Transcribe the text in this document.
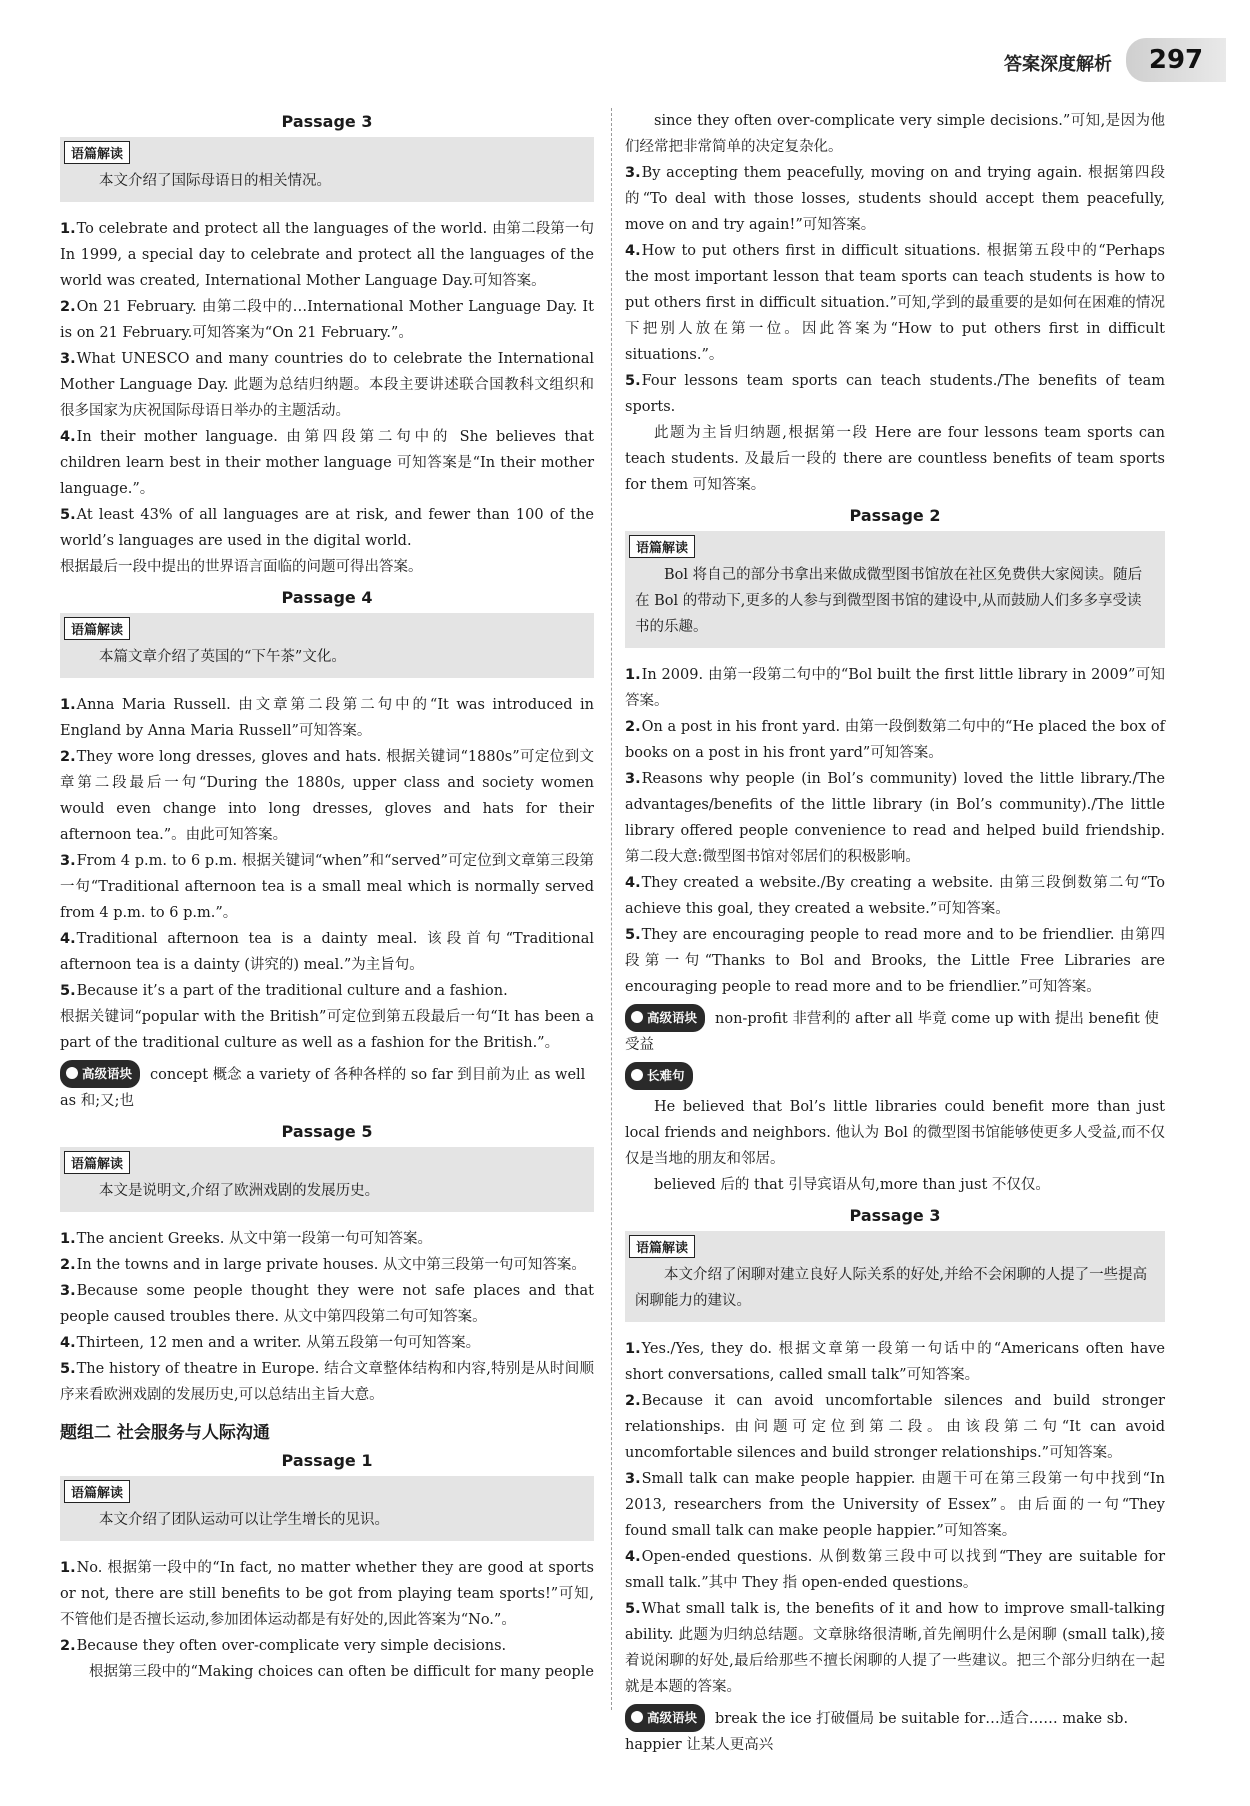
答案深度解析	297
Passage 3
语篇解读
本文介绍了国际母语日的相关情况。

1.To celebrate and protect all the languages of the world. 由第二段第一句 In 1999, a special day to celebrate and protect all the languages of the world was created, International Mother Language Day.可知答案。

2.On 21 February. 由第二段中的…International Mother Language Day. It is on 21 February.可知答案为“On 21 February.”。

3.What UNESCO and many countries do to celebrate the International Mother Language Day. 此题为总结归纳题。本段主要讲述联合国教科文组织和很多国家为庆祝国际母语日举办的主题活动。

4.In their mother language. 由第四段第二句中的 She believes that children learn best in their mother language 可知答案是“In their mother language.”。

5.At least 43% of all languages are at risk, and fewer than 100 of the world’s languages are used in the digital world.

根据最后一段中提出的世界语言面临的问题可得出答案。
Passage 4
语篇解读
本篇文章介绍了英国的“下午茶”文化。

1.Anna Maria Russell. 由文章第二段第二句中的“It was introduced in England by Anna Maria Russell”可知答案。

2.They wore long dresses, gloves and hats. 根据关键词“1880s”可定位到文章第二段最后一句“During the 1880s, upper class and society women would even change into long dresses, gloves and hats for their afternoon tea.”。由此可知答案。

3.From 4 p.m. to 6 p.m. 根据关键词“when”和“served”可定位到文章第三段第一句“Traditional afternoon tea is a small meal which is normally served from 4 p.m. to 6 p.m.”。

4.Traditional afternoon tea is a dainty meal. 该段首句“Traditional afternoon tea is a dainty (讲究的) meal.”为主旨句。

5.Because it’s a part of the traditional culture and a fashion.

根据关键词“popular with the British”可定位到第五段最后一句“It has been a part of the traditional culture as well as a fashion for the British.”。
高级语块 concept 概念 a variety of 各种各样的 so far 到目前为止 as well as 和;又;也
Passage 5
语篇解读
本文是说明文,介绍了欧洲戏剧的发展历史。

1.The ancient Greeks. 从文中第一段第一句可知答案。

2.In the towns and in large private houses. 从文中第三段第一句可知答案。

3.Because some people thought they were not safe places and that people caused troubles there. 从文中第四段第二句可知答案。

4.Thirteen, 12 men and a writer. 从第五段第一句可知答案。

5.The history of theatre in Europe. 结合文章整体结构和内容,特别是从时间顺序来看欧洲戏剧的发展历史,可以总结出主旨大意。

题组二 社会服务与人际沟通
Passage 1
语篇解读
本文介绍了团队运动可以让学生增长的见识。

1.No. 根据第一段中的“In fact, no matter whether they are good at sports or not, there are still benefits to be got from playing team sports!”可知,不管他们是否擅长运动,参加团体运动都是有好处的,因此答案为“No.”。

2.Because they often over-complicate very simple decisions.

根据第三段中的“Making choices can often be difficult for many people
since they often over-complicate very simple decisions.”可知,是因为他们经常把非常简单的决定复杂化。

3.By accepting them peacefully, moving on and trying again. 根据第四段的“To deal with those losses, students should accept them peacefully, move on and try again!”可知答案。

4.How to put others first in difficult situations. 根据第五段中的“Perhaps the most important lesson that team sports can teach students is how to put others first in difficult situation.”可知,学到的最重要的是如何在困难的情况下把别人放在第一位。因此答案为“How to put others first in difficult situations.”。

5.Four lessons team sports can teach students./The benefits of team sports.

此题为主旨归纳题,根据第一段 Here are four lessons team sports can teach students. 及最后一段的 there are countless benefits of team sports for them 可知答案。
Passage 2
语篇解读
Bol 将自己的部分书拿出来做成微型图书馆放在社区免费供大家阅读。随后在 Bol 的带动下,更多的人参与到微型图书馆的建设中,从而鼓励人们多多享受读书的乐趣。

1.In 2009. 由第一段第二句中的“Bol built the first little library in 2009”可知答案。

2.On a post in his front yard. 由第一段倒数第二句中的“He placed the box of books on a post in his front yard”可知答案。

3.Reasons why people (in Bol’s community) loved the little library./The advantages/benefits of the little library (in Bol’s community)./The little library offered people convenience to read and helped build friendship. 第二段大意:微型图书馆对邻居们的积极影响。

4.They created a website./By creating a website. 由第三段倒数第二句“To achieve this goal, they created a website.”可知答案。

5.They are encouraging people to read more and to be friendlier. 由第四段第一句“Thanks to Bol and Brooks, the Little Free Libraries are encouraging people to read more and to be friendlier.”可知答案。

高级语块 non-profit 非营利的 after all 毕竟 come up with 提出 benefit 使受益
长难句
He believed that Bol’s little libraries could benefit more than just local friends and neighbors. 他认为 Bol 的微型图书馆能够使更多人受益,而不仅仅是当地的朋友和邻居。
believed 后的 that 引导宾语从句,more than just 不仅仅。
Passage 3
语篇解读
本文介绍了闲聊对建立良好人际关系的好处,并给不会闲聊的人提了一些提高闲聊能力的建议。

1.Yes./Yes, they do. 根据文章第一段第一句话中的“Americans often have short conversations, called small talk”可知答案。

2.Because it can avoid uncomfortable silences and build stronger relationships. 由问题可定位到第二段。由该段第二句“It can avoid uncomfortable silences and build stronger relationships.”可知答案。

3.Small talk can make people happier. 由题干可在第三段第一句中找到“In 2013, researchers from the University of Essex”。由后面的一句“They found small talk can make people happier.”可知答案。

4.Open-ended questions. 从倒数第三段中可以找到“They are suitable for small talk.”其中 They 指 open-ended questions。

5.What small talk is, the benefits of it and how to improve small-talking ability. 此题为归纳总结题。文章脉络很清晰,首先阐明什么是闲聊 (small talk),接着说闲聊的好处,最后给那些不擅长闲聊的人提了一些建议。把三个部分归纳在一起就是本题的答案。

高级语块 break the ice 打破僵局 be suitable for…适合…… make sb. happier 让某人更高兴
